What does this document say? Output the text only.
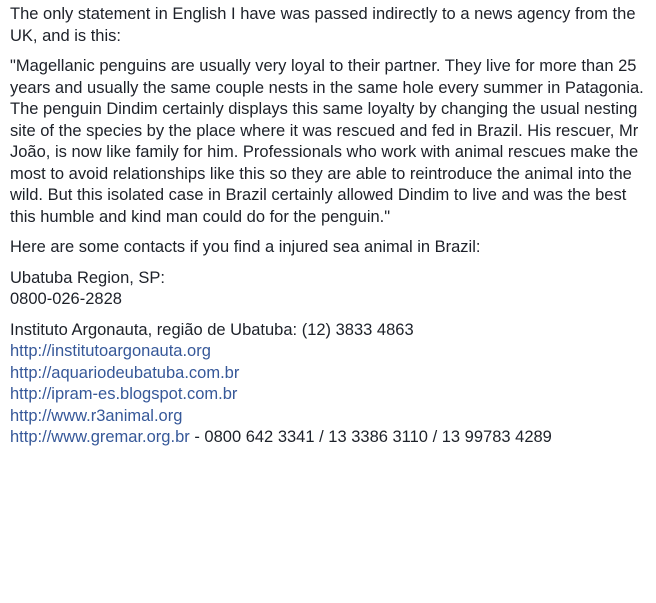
The only statement in English I have was passed indirectly to a news agency from the UK, and is this:

"Magellanic penguins are usually very loyal to their partner. They live for more than 25 years and usually the same couple nests in the same hole every summer in Patagonia. The penguin Dindim certainly displays this same loyalty by changing the usual nesting site of the species by the place where it was rescued and fed in Brazil. His rescuer, Mr João, is now like family for him. Professionals who work with animal rescues make the most to avoid relationships like this so they are able to reintroduce the animal into the wild. But this isolated case in Brazil certainly allowed Dindim to live and was the best this humble and kind man could do for the penguin."

Here are some contacts if you find a injured sea animal in Brazil:

Ubatuba Region, SP:
0800-026-2828

Instituto Argonauta, região de Ubatuba: (12) 3833 4863
http://institutoargonauta.org
http://aquariodeubatuba.com.br
http://ipram-es.blogspot.com.br
http://www.r3animal.org
http://www.gremar.org.br - 0800 642 3341 / 13 3386 3110 / 13 99783 4289
